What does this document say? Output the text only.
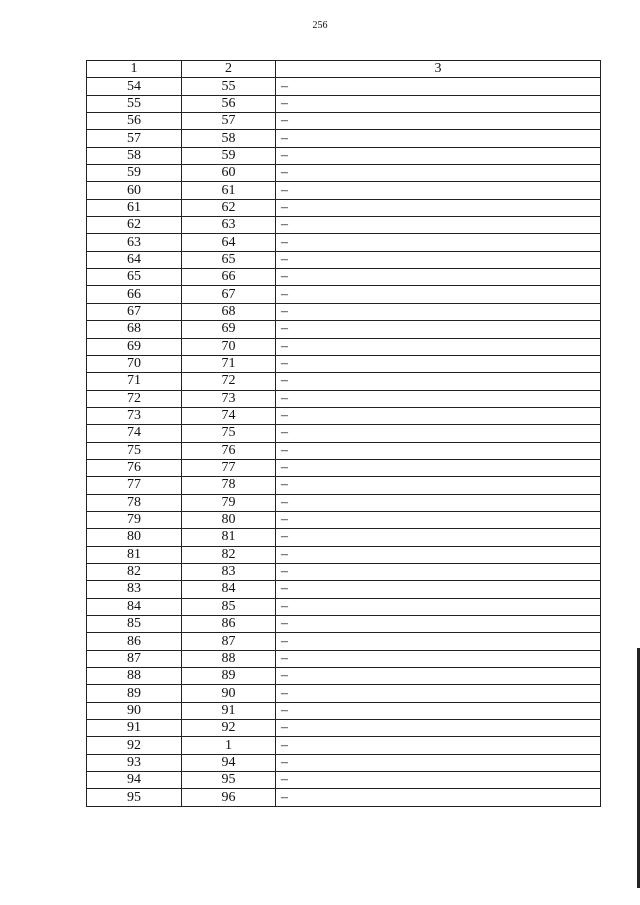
256
1	2	3
54	55	–
55	56	–
56	57	–
57	58	–
58	59	–
59	60	–
60	61	–
61	62	–
62	63	–
63	64	–
64	65	–
65	66	–
66	67	–
67	68	–
68	69	–
69	70	–
70	71	–
71	72	–
72	73	–
73	74	–
74	75	–
75	76	–
76	77	–
77	78	–
78	79	–
79	80	–
80	81	–
81	82	–
82	83	–
83	84	–
84	85	–
85	86	–
86	87	–
87	88	–
88	89	–
89	90	–
90	91	–
91	92	–
92	1	–
93	94	–
94	95	–
95	96	–
